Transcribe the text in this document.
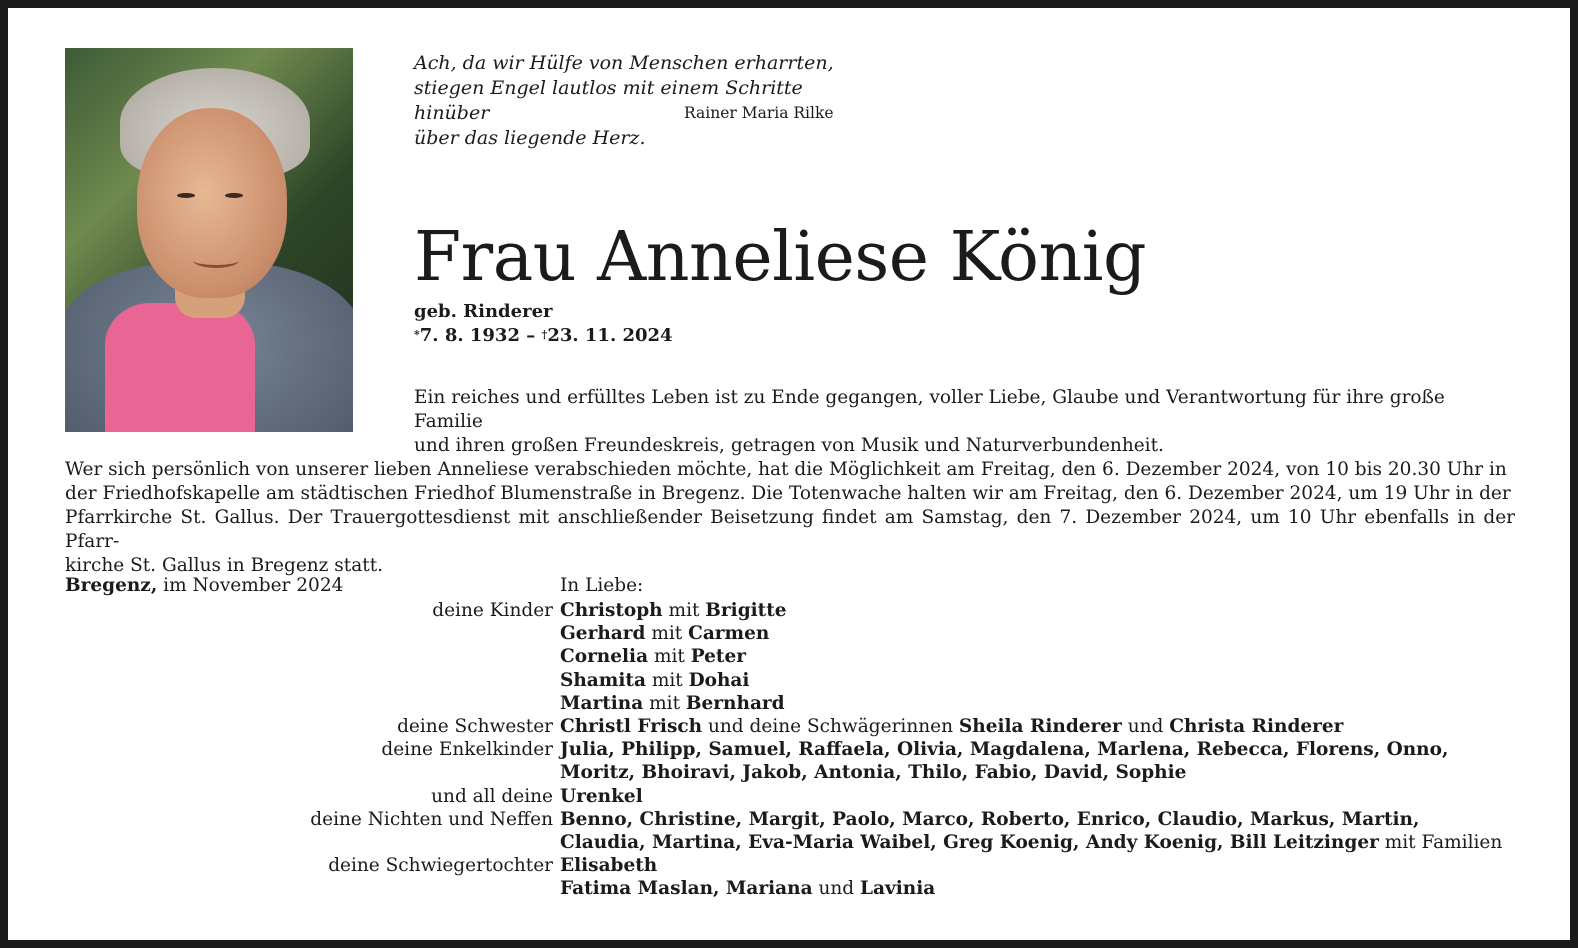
Ach, da wir Hülfe von Menschen erharrten,

stiegen Engel lautlos mit einem Schritte hinüber

über das liegende Herz.

Rainer Maria Rilke
Frau Anneliese König
geb. Rinderer
*7. 8. 1932 – †23. 11. 2024
Ein reiches und erfülltes Leben ist zu Ende gegangen, voller Liebe, Glaube und Verantwortung für ihre große Familie
und ihren großen Freundeskreis, getragen von Musik und Naturverbundenheit.
Wer sich persönlich von unserer lieben Anneliese verabschieden möchte, hat die Möglichkeit am Freitag, den 6. Dezember 2024, von 10 bis 20.30 Uhr in
der Friedhofskapelle am städtischen Friedhof Blumenstraße in Bregenz. Die Totenwache halten wir am Freitag, den 6. Dezember 2024, um 19 Uhr in der
Pfarrkirche St. Gallus. Der Trauergottesdienst mit anschließender Beisetzung findet am Samstag, den 7. Dezember 2024, um 10 Uhr ebenfalls in der Pfarr-
kirche St. Gallus in Bregenz statt.
Bregenz, im November 2024	In Liebe:
deine Kinder Christoph mit Brigitte
Gerhard mit Carmen
Cornelia mit Peter
Shamita mit Dohai
Martina mit Bernhard
deine Schwester Christl Frisch und deine Schwägerinnen Sheila Rinderer und Christa Rinderer
deine Enkelkinder Julia, Philipp, Samuel, Raffaela, Olivia, Magdalena, Marlena, Rebecca, Florens, Onno,
Moritz, Bhoiravi, Jakob, Antonia, Thilo, Fabio, David, Sophie
und all deine Urenkel
deine Nichten und Neffen Benno, Christine, Margit, Paolo, Marco, Roberto, Enrico, Claudio, Markus, Martin,
Claudia, Martina, Eva-Maria Waibel, Greg Koenig, Andy Koenig, Bill Leitzinger mit Familien
deine Schwiegertochter Elisabeth
Fatima Maslan, Mariana und Lavinia
